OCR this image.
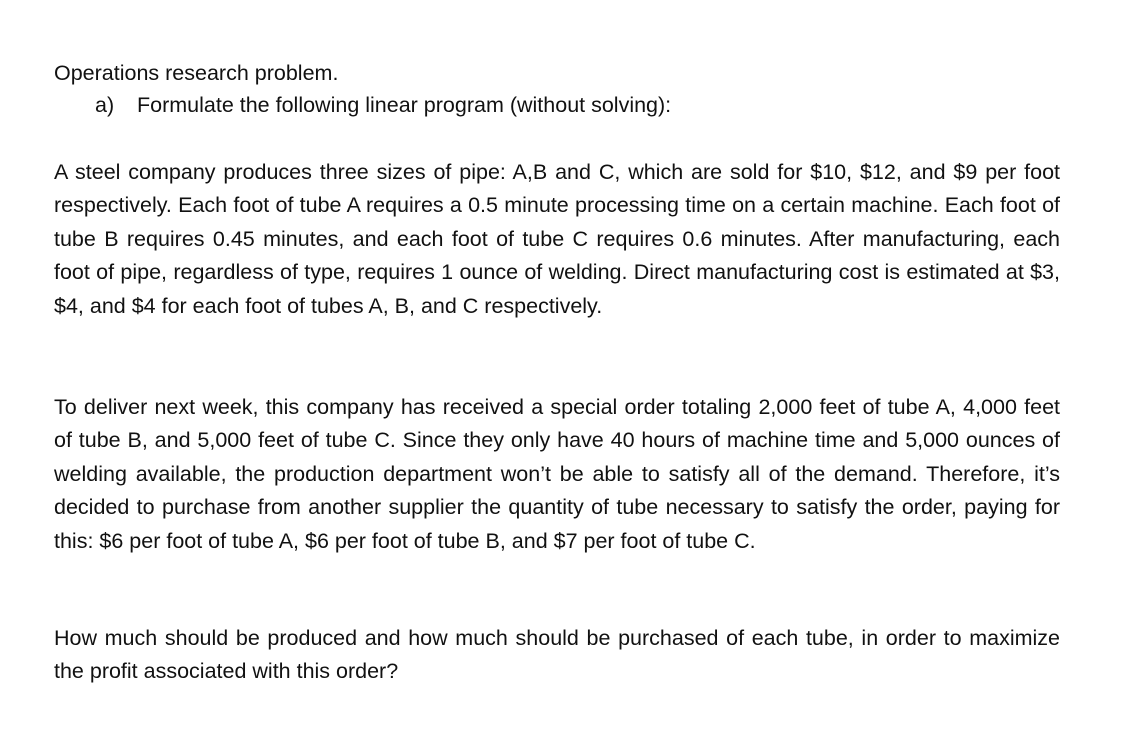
Operations research problem.
a) Formulate the following linear program (without solving):

A steel company produces three sizes of pipe: A,B and C, which are sold for $10, $12, and $9 per foot respectively. Each foot of tube A requires a 0.5 minute processing time on a certain machine. Each foot of tube B requires 0.45 minutes, and each foot of tube C requires 0.6 minutes. After manufacturing, each foot of pipe, regardless of type, requires 1 ounce of welding. Direct manufacturing cost is estimated at $3, $4, and $4 for each foot of tubes A, B, and C respectively.

To deliver next week, this company has received a special order totaling 2,000 feet of tube A, 4,000 feet of tube B, and 5,000 feet of tube C. Since they only have 40 hours of machine time and 5,000 ounces of welding available, the production department won’t be able to satisfy all of the demand. Therefore, it’s decided to purchase from another supplier the quantity of tube necessary to satisfy the order, paying for this: $6 per foot of tube A, $6 per foot of tube B, and $7 per foot of tube C.

How much should be produced and how much should be purchased of each tube, in order to maximize the profit associated with this order?
